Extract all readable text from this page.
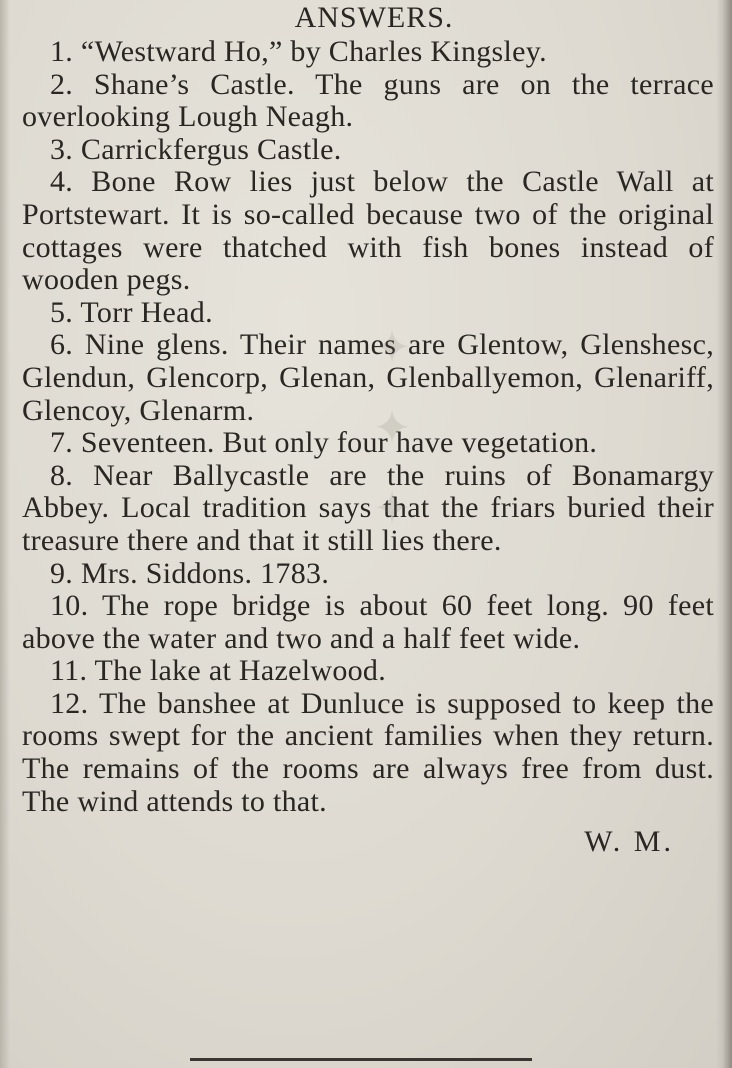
✦ ✦ ✦
ANSWERS.
1. “Westward Ho,” by Charles Kingsley.
2. Shane’s Castle. The guns are on the terrace overlooking Lough Neagh.
3. Carrickfergus Castle.
4. Bone Row lies just below the Castle Wall at Portstewart. It is so-called because two of the original cottages were thatched with fish bones instead of wooden pegs.
5. Torr Head.
6. Nine glens. Their names are Glentow, Glenshesc, Glendun, Glencorp, Glenan, Glenballyemon, Glenariff, Glencoy, Glenarm.
7. Seventeen. But only four have vegetation.
8. Near Ballycastle are the ruins of Bonamargy Abbey. Local tradition says that the friars buried their treasure there and that it still lies there.
9. Mrs. Siddons. 1783.
10. The rope bridge is about 60 feet long. 90 feet above the water and two and a half feet wide.
11. The lake at Hazelwood.
12. The banshee at Dunluce is supposed to keep the rooms swept for the ancient families when they return. The remains of the rooms are always free from dust. The wind attends to that.
W. M.
